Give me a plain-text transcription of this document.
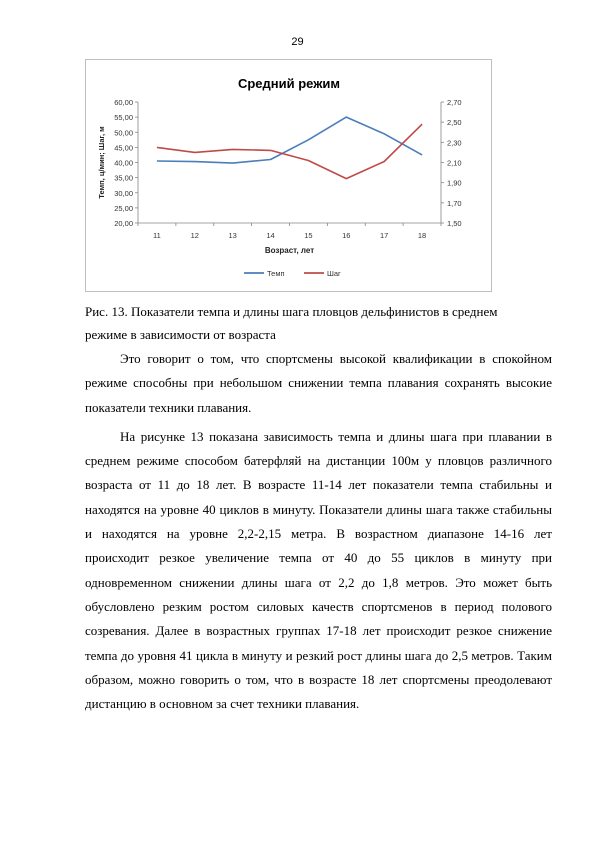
29
Средний режим
20,00
25,00
30,00
35,00
40,00
45,00
50,00
55,00
60,00
1,50
1,70
1,90
2,10
2,30
2,50
2,70
11	12	13	14	15	16	17	18
Возраст, лет
Темп, ц/мин; Шаг, м
Темп	Шаг
Рис. 13. Показатели темпа и длины шага пловцов дельфинистов в среднем режиме в зависимости от возраста

Это говорит о том, что спортсмены высокой квалификации в спокойном режиме способны при небольшом снижении темпа плавания сохранять высокие показатели техники плавания.

На рисунке 13 показана зависимость темпа и длины шага при плавании в среднем режиме способом батерфляй на дистанции 100м у пловцов различного возраста от 11 до 18 лет. В возрасте 11-14 лет показатели темпа стабильны и находятся на уровне 40 циклов в минуту. Показатели длины шага также стабильны и находятся на уровне 2,2-2,15 метра. В возрастном диапазоне 14-16 лет происходит резкое увеличение темпа от 40 до 55 циклов в минуту при одновременном снижении длины шага от 2,2 до 1,8 метров. Это может быть обусловлено резким ростом силовых качеств спортсменов в период полового созревания. Далее в возрастных группах 17-18 лет происходит резкое снижение темпа до уровня 41 цикла в минуту и резкий рост длины шага до 2,5 метров. Таким образом, можно говорить о том, что в возрасте 18 лет спортсмены преодолевают дистанцию в основном за счет техники плавания.
